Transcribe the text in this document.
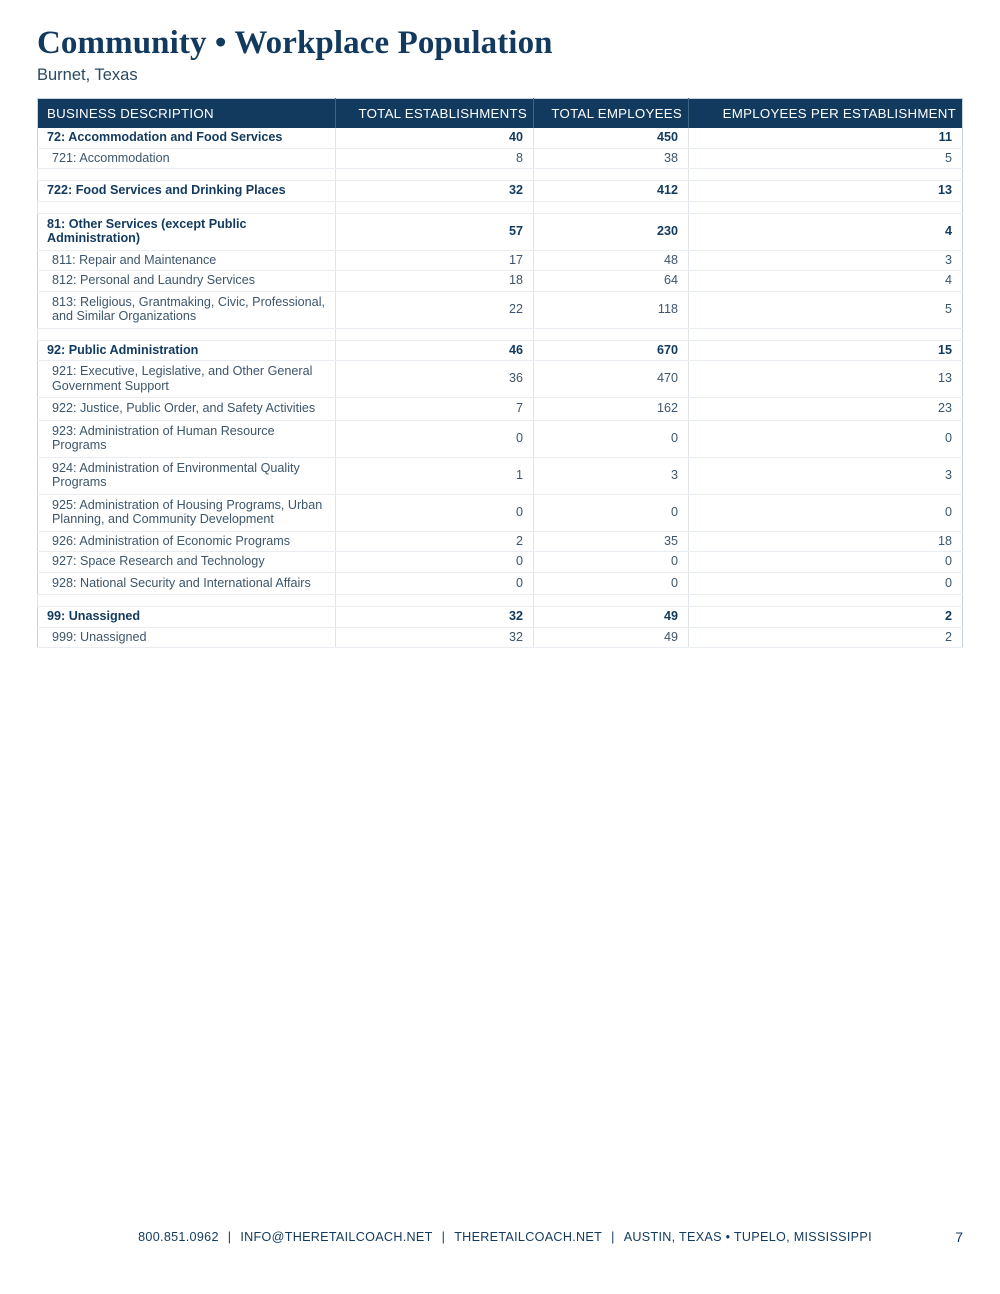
Community • Workplace Population
Burnet, Texas
BUSINESS DESCRIPTION	TOTAL ESTABLISHMENTS	TOTAL EMPLOYEES	EMPLOYEES PER ESTABLISHMENT
72: Accommodation and Food Services	40	450	11
721: Accommodation	8	38	5

722: Food Services and Drinking Places	32	412	13

81: Other Services (except Public Administration)	57	230	4
811: Repair and Maintenance	17	48	3
812: Personal and Laundry Services	18	64	4
813: Religious, Grantmaking, Civic, Professional, and Similar Organizations	22	118	5

92: Public Administration	46	670	15
921: Executive, Legislative, and Other General Government Support	36	470	13
922: Justice, Public Order, and Safety Activities	7	162	23
923: Administration of Human Resource Programs	0	0	0
924: Administration of Environmental Quality Programs	1	3	3
925: Administration of Housing Programs, Urban Planning, and Community Development	0	0	0
926: Administration of Economic Programs	2	35	18
927: Space Research and Technology	0	0	0
928: National Security and International Affairs	0	0	0

99: Unassigned	32	49	2
999: Unassigned	32	49	2
800.851.0962 | INFO@THERETAILCOACH.NET | THERETAILCOACH.NET | AUSTIN, TEXAS • TUPELO, MISSISSIPPI	7
